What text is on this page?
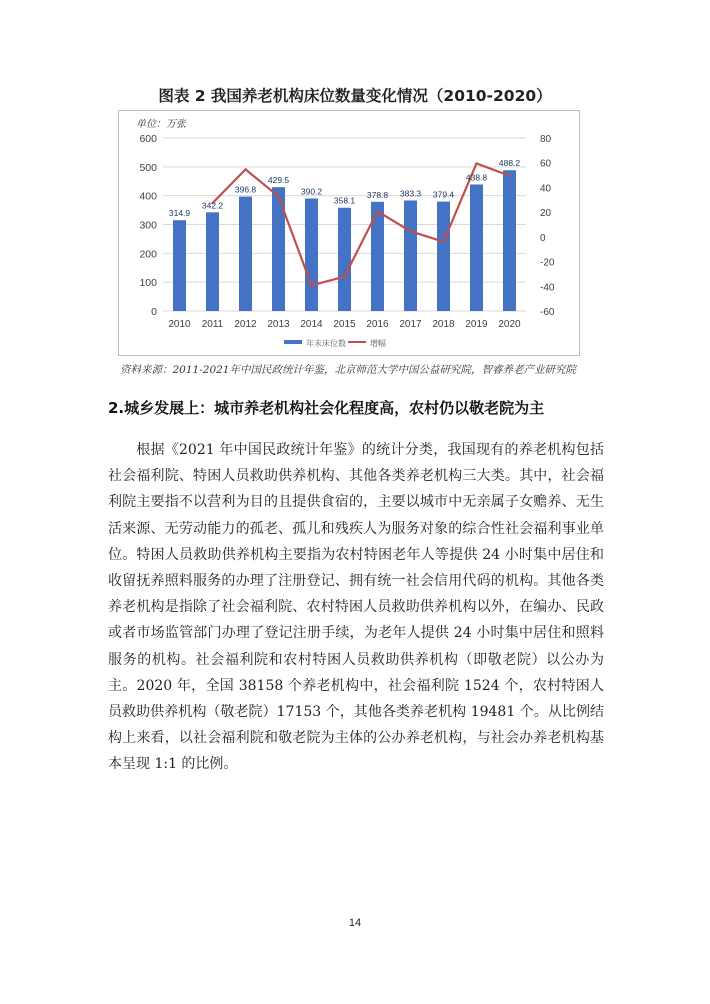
图表 2 我国养老机构床位数量变化情况（2010-2020）
314.9
342.2
396.8
429.5
390.2
358.1
378.8 383.3 379.4
438.8
488.2
0
100
200
300
400
500
600
-60
-40
-20
0
20
40
60
80
2010 2011 2012 2013 2014 2015 2016 2017 2018 2019 2020
单位：万张
年末床位数	增幅
资料来源：2011-2021年中国民政统计年鉴，北京师范大学中国公益研究院，智睿养老产业研究院
2.城乡发展上：城市养老机构社会化程度高，农村仍以敬老院为主
根据《2021 年中国民政统计年鉴》的统计分类，我国现有的养老机构包括社会福利院、特困人员救助供养机构、其他各类养老机构三大类。其中，社会福利院主要指不以营利为目的且提供食宿的，主要以城市中无亲属子女赡养、无生活来源、无劳动能力的孤老、孤儿和残疾人为服务对象的综合性社会福利事业单位。特困人员救助供养机构主要指为农村特困老年人等提供 24 小时集中居住和收留抚养照料服务的办理了注册登记、拥有统一社会信用代码的机构。其他各类养老机构是指除了社会福利院、农村特困人员救助供养机构以外，在编办、民政或者市场监管部门办理了登记注册手续，为老年人提供 24 小时集中居住和照料服务的机构。社会福利院和农村特困人员救助供养机构（即敬老院）以公办为主。2020 年，全国 38158 个养老机构中，社会福利院 1524 个，农村特困人员救助供养机构（敬老院）17153 个，其他各类养老机构 19481 个。从比例结构上来看，以社会福利院和敬老院为主体的公办养老机构，与社会办养老机构基本呈现 1:1 的比例。
14
